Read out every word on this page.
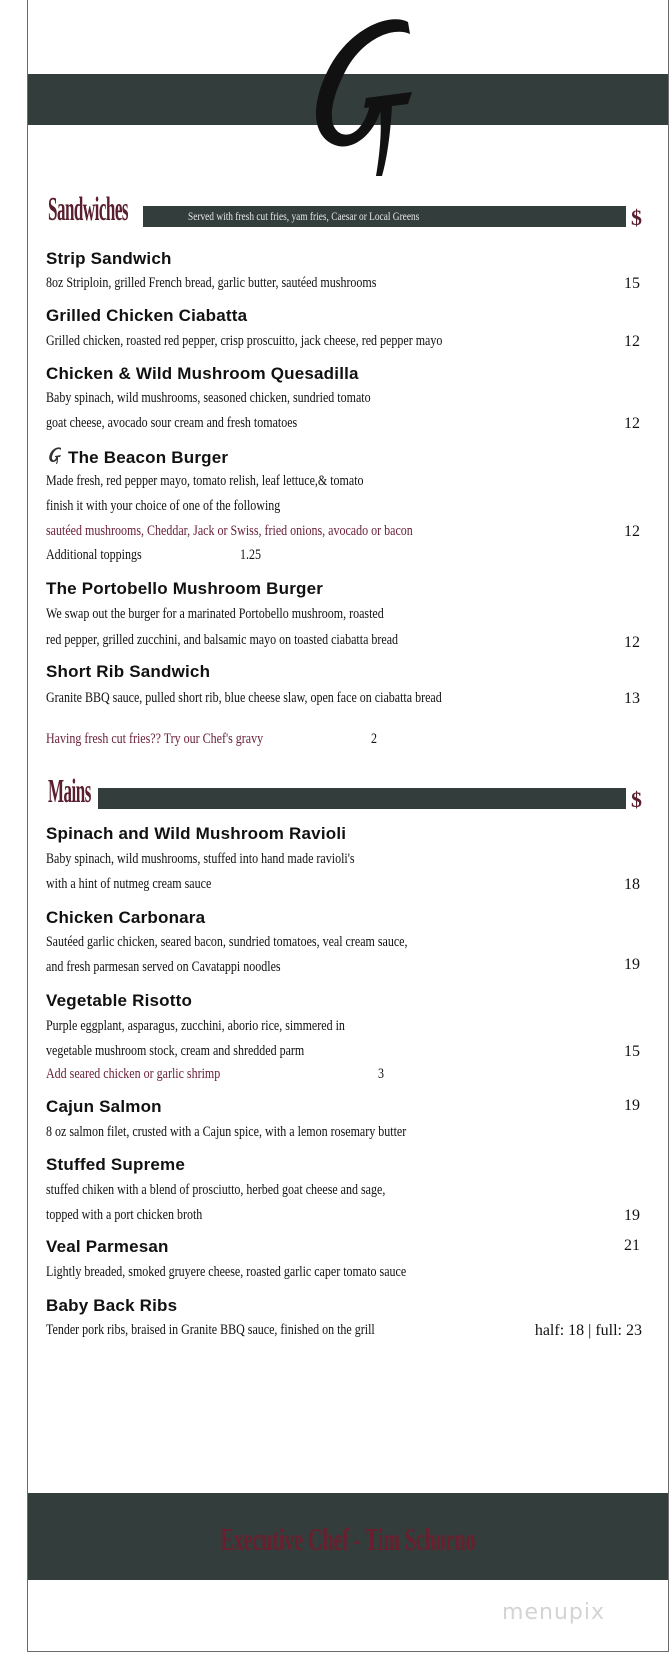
Sandwiches	Served with fresh cut fries, yam fries, Caesar or Local Greens	$
Strip Sandwich
8oz Striploin, grilled French bread, garlic butter, sautéed mushrooms	15
Grilled Chicken Ciabatta
Grilled chicken, roasted red pepper, crisp proscuitto, jack cheese, red pepper mayo	12
Chicken & Wild Mushroom Quesadilla
Baby spinach, wild mushrooms, seasoned chicken, sundried tomato
goat cheese, avocado sour cream and fresh tomatoes	12
The Beacon Burger
Made fresh, red pepper mayo, tomato relish, leaf lettuce,& tomato
finish it with your choice of one of the following
sautéed mushrooms, Cheddar, Jack or Swiss, fried onions, avocado or bacon	12
Additional toppings	1.25
The Portobello Mushroom Burger
We swap out the burger for a marinated Portobello mushroom, roasted
red pepper, grilled zucchini, and balsamic mayo on toasted ciabatta bread	12
Short Rib Sandwich
Granite BBQ sauce, pulled short rib, blue cheese slaw, open face on ciabatta bread	13
Having fresh cut fries?? Try our Chef's gravy	2
Mains	$
Spinach and Wild Mushroom Ravioli
Baby spinach, wild mushrooms, stuffed into hand made ravioli's
with a hint of nutmeg cream sauce	18
Chicken Carbonara
Sautéed garlic chicken, seared bacon, sundried tomatoes, veal cream sauce,
and fresh parmesan served on Cavatappi noodles	19
Vegetable Risotto
Purple eggplant, asparagus, zucchini, aborio rice, simmered in
vegetable mushroom stock, cream and shredded parm	15
Add seared chicken or garlic shrimp	3
Cajun Salmon	19
8 oz salmon filet, crusted with a Cajun spice, with a lemon rosemary butter
Stuffed Supreme
stuffed chiken with a blend of prosciutto, herbed goat cheese and sage,
topped with a port chicken broth	19
Veal Parmesan	21
Lightly breaded, smoked gruyere cheese, roasted garlic caper tomato sauce
Baby Back Ribs
Tender pork ribs, braised in Granite BBQ sauce, finished on the grill	half: 18 | full: 23
Executive Chef - Tim Schorno
menupix
